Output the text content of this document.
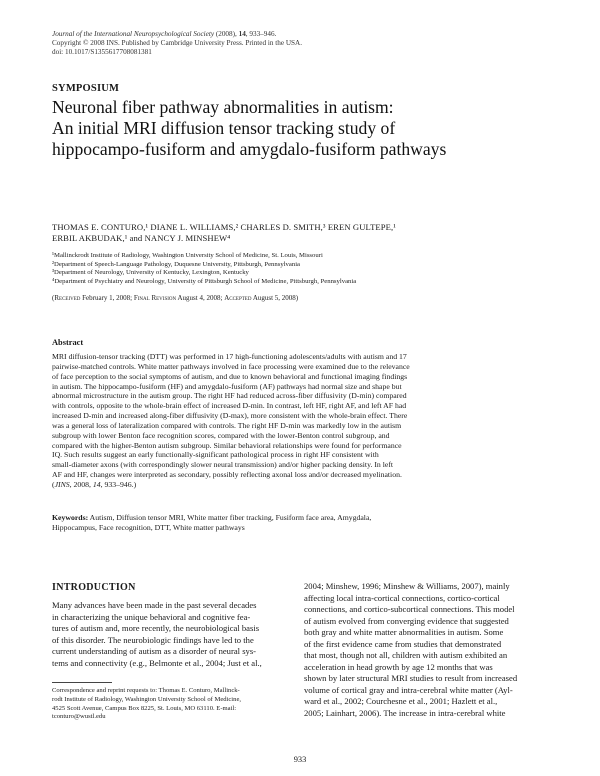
Journal of the International Neuropsychological Society (2008), 14, 933–946.
Copyright © 2008 INS. Published by Cambridge University Press. Printed in the USA.
doi: 10.1017/S1355617708081381
SYMPOSIUM
Neuronal fiber pathway abnormalities in autism:
An initial MRI diffusion tensor tracking study of
hippocampo-fusiform and amygdalo-fusiform pathways
THOMAS E. CONTURO,¹ DIANE L. WILLIAMS,² CHARLES D. SMITH,³ EREN GULTEPE,¹
ERBIL AKBUDAK,¹ and NANCY J. MINSHEW⁴
¹Mallinckrodt Institute of Radiology, Washington University School of Medicine, St. Louis, Missouri
²Department of Speech-Language Pathology, Duquesne University, Pittsburgh, Pennsylvania
³Department of Neurology, University of Kentucky, Lexington, Kentucky
⁴Department of Psychiatry and Neurology, University of Pittsburgh School of Medicine, Pittsburgh, Pennsylvania
(Received February 1, 2008; Final Revision August 4, 2008; Accepted August 5, 2008)
Abstract
MRI diffusion-tensor tracking (DTT) was performed in 17 high-functioning adolescents/adults with autism and 17
pairwise-matched controls. White matter pathways involved in face processing were examined due to the relevance
of face perception to the social symptoms of autism, and due to known behavioral and functional imaging findings
in autism. The hippocampo-fusiform (HF) and amygdalo-fusiform (AF) pathways had normal size and shape but
abnormal microstructure in the autism group. The right HF had reduced across-fiber diffusivity (D-min) compared
with controls, opposite to the whole-brain effect of increased D-min. In contrast, left HF, right AF, and left AF had
increased D-min and increased along-fiber diffusivity (D-max), more consistent with the whole-brain effect. There
was a general loss of lateralization compared with controls. The right HF D-min was markedly low in the autism
subgroup with lower Benton face recognition scores, compared with the lower-Benton control subgroup, and
compared with the higher-Benton autism subgroup. Similar behavioral relationships were found for performance
IQ. Such results suggest an early functionally-significant pathological process in right HF consistent with
small-diameter axons (with correspondingly slower neural transmission) and/or higher packing density. In left
AF and HF, changes were interpreted as secondary, possibly reflecting axonal loss and/or decreased myelination.
(JINS, 2008, 14, 933–946.)
Keywords: Autism, Diffusion tensor MRI, White matter fiber tracking, Fusiform face area, Amygdala,
Hippocampus, Face recognition, DTT, White matter pathways
INTRODUCTION
Many advances have been made in the past several decades
in characterizing the unique behavioral and cognitive fea-
tures of autism and, more recently, the neurobiological basis
of this disorder. The neurobiologic findings have led to the
current understanding of autism as a disorder of neural sys-
tems and connectivity (e.g., Belmonte et al., 2004; Just et al.,
2004; Minshew, 1996; Minshew & Williams, 2007), mainly
affecting local intra-cortical connections, cortico-cortical
connections, and cortico-subcortical connections. This model
of autism evolved from converging evidence that suggested
both gray and white matter abnormalities in autism. Some
of the first evidence came from studies that demonstrated
that most, though not all, children with autism exhibited an
acceleration in head growth by age 12 months that was
shown by later structural MRI studies to result from increased
volume of cortical gray and intra-cerebral white matter (Ayl-
ward et al., 2002; Courchesne et al., 2001; Hazlett et al.,
2005; Lainhart, 2006). The increase in intra-cerebral white
Correspondence and reprint requests to: Thomas E. Conturo, Mallinck-
rodt Institute of Radiology, Washington University School of Medicine,
4525 Scott Avenue, Campus Box 8225, St. Louis, MO 63110. E-mail:
tconturo@wustl.edu
933
